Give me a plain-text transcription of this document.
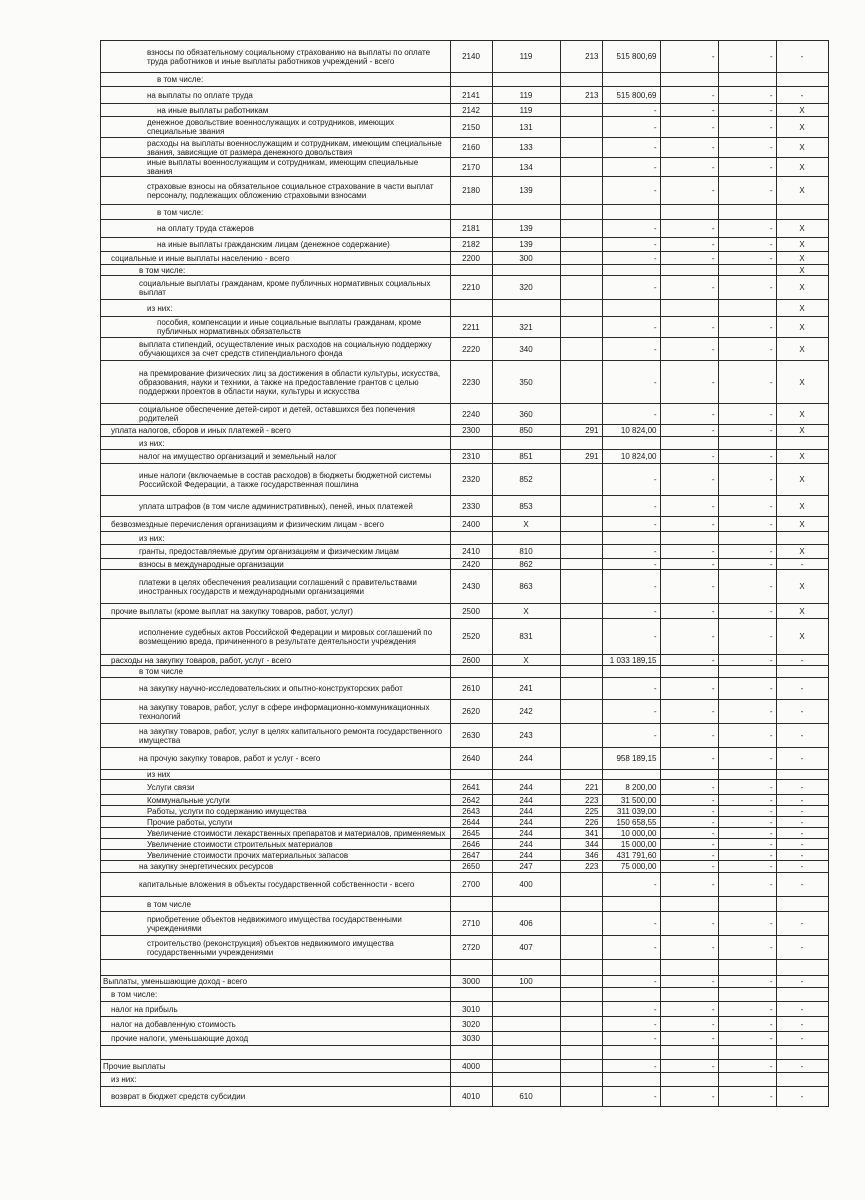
взносы по обязательному социальному страхованию на выплаты по оплате труда работников и иные выплаты работников учреждений - всего	2140	119	213	515 800,69	-	-	-
в том числе:							
на выплаты по оплате труда	2141	119	213	515 800,69	-	-	-
на иные выплаты работникам	2142	119		-	-	-	Х
денежное довольствие военнослужащих и сотрудников, имеющих специальные звания	2150	131		-	-	-	Х
расходы на выплаты военнослужащим и сотрудникам, имеющим специальные звания, зависящие от размера денежного довольствия	2160	133		-	-	-	Х
иные выплаты военнослужащим и сотрудникам, имеющим специальные звания	2170	134		-	-	-	Х
страховые взносы на обязательное социальное страхование в части выплат персоналу, подлежащих обложению страховыми взносами	2180	139		-	-	-	Х
в том числе:							
на оплату труда стажеров	2181	139		-	-	-	Х
на иные выплаты гражданским лицам (денежное содержание)	2182	139		-	-	-	Х
социальные и иные выплаты населению - всего	2200	300		-	-	-	Х
в том числе:							Х
социальные выплаты гражданам, кроме публичных нормативных социальных выплат	2210	320		-	-	-	Х
из них:							Х
пособия, компенсации и иные социальные выплаты гражданам, кроме публичных нормативных обязательств	2211	321		-	-	-	Х
выплата стипендий, осуществление иных расходов на социальную поддержку обучающихся за счет средств стипендиального фонда	2220	340		-	-	-	Х
на премирование физических лиц за достижения в области культуры, искусства, образования, науки и техники, а также на предоставление грантов с целью поддержки проектов в области науки, культуры и искусства	2230	350		-	-	-	Х
социальное обеспечение детей-сирот и детей, оставшихся без попечения родителей	2240	360		-	-	-	Х
уплата налогов, сборов и иных платежей - всего	2300	850	291	10 824,00	-	-	Х
из них:							
налог на имущество организаций и земельный налог	2310	851	291	10 824,00	-	-	Х
иные налоги (включаемые в состав расходов) в бюджеты бюджетной системы Российской Федерации, а также государственная пошлина	2320	852		-	-	-	Х
уплата штрафов (в том числе административных), пеней, иных платежей	2330	853		-	-	-	Х
безвозмездные перечисления организациям и физическим лицам - всего	2400	Х		-	-	-	Х
из них:							
гранты, предоставляемые другим организациям и физическим лицам	2410	810		-	-	-	Х
взносы в международные организации	2420	862		-	-	-	-
платежи в целях обеспечения реализации соглашений с правительствами иностранных государств и международными организациями	2430	863		-	-	-	Х
прочие выплаты (кроме выплат на закупку товаров, работ, услуг)	2500	Х		-	-	-	Х
исполнение судебных актов Российской Федерации и мировых соглашений по возмещению вреда, причиненного в результате деятельности учреждения	2520	831		-	-	-	Х
расходы на закупку товаров, работ, услуг - всего	2600	Х		1 033 189,15	-	-	-
в том числе							
на закупку научно-исследовательских и опытно-конструкторских работ	2610	241		-	-	-	-
на закупку товаров, работ, услуг в сфере информационно-коммуникационных технологий	2620	242		-	-	-	-
на закупку товаров, работ, услуг в целях капитального ремонта государственного имущества	2630	243		-	-	-	-
на прочую закупку товаров, работ и услуг - всего	2640	244		958 189,15	-	-	-
из них							
Услуги связи	2641	244	221	8 200,00	-	-	-
Коммунальные услуги	2642	244	223	31 500,00	-	-	-
Работы, услуги по содержанию имущества	2643	244	225	311 039,00	-	-	-
Прочие работы, услуги	2644	244	226	150 658,55	-	-	-
Увеличение стоимости лекарственных препаратов и материалов, применяемых	2645	244	341	10 000,00	-	-	-
Увеличение стоимости строительных материалов	2646	244	344	15 000,00	-	-	-
Увеличение стоимости прочих материальных запасов	2647	244	346	431 791,60	-	-	-
на закупку энергетических ресурсов	2650	247	223	75 000,00	-	-	-
капитальные вложения в объекты государственной собственности - всего	2700	400		-	-	-	-
в том числе							
приобретение объектов недвижимого имущества государственными учреждениями	2710	406		-	-	-	-
строительство (реконструкция) объектов недвижимого имущества государственными учреждениями	2720	407		-	-	-	-

Выплаты, уменьшающие доход - всего	3000	100		-	-	-	-
в том числе:							
налог на прибыль	3010			-	-	-	-
налог на добавленную стоимость	3020			-	-	-	-
прочие налоги, уменьшающие доход	3030			-	-	-	-

Прочие выплаты	4000			-	-	-	-
из них:							
возврат в бюджет средств субсидии	4010	610		-	-	-	-
